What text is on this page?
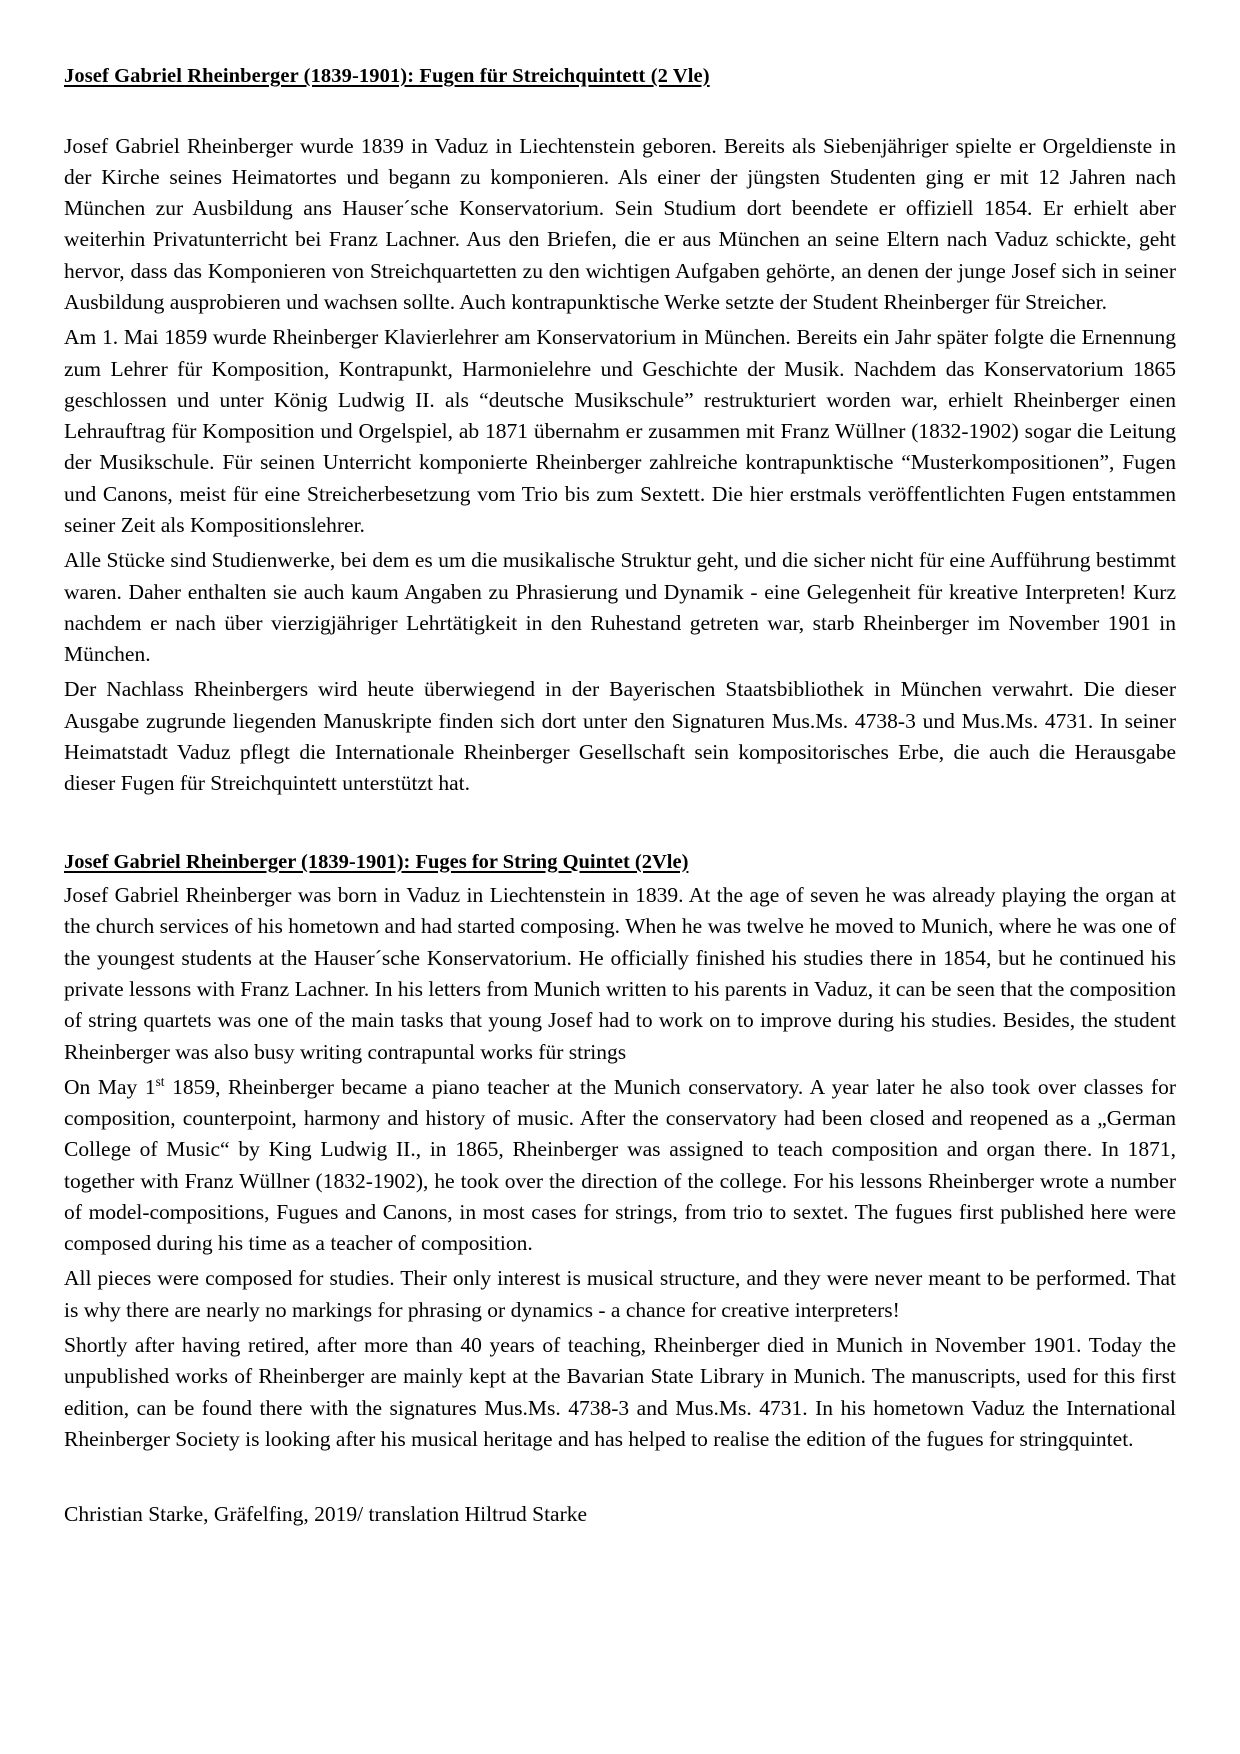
Josef Gabriel Rheinberger (1839-1901): Fugen für Streichquintett (2 Vle)

Josef Gabriel Rheinberger wurde 1839 in Vaduz in Liechtenstein geboren. Bereits als Siebenjähriger spielte er Orgeldienste in der Kirche seines Heimatortes und begann zu komponieren. Als einer der jüngsten Studenten ging er mit 12 Jahren nach München zur Ausbildung ans Hauser´sche Konservatorium. Sein Studium dort beendete er offiziell 1854. Er erhielt aber weiterhin Privatunterricht bei Franz Lachner. Aus den Briefen, die er aus München an seine Eltern nach Vaduz schickte, geht hervor, dass das Komponieren von Streichquartetten zu den wichtigen Aufgaben gehörte, an denen der junge Josef sich in seiner Ausbildung ausprobieren und wachsen sollte. Auch kontrapunktische Werke setzte der Student Rheinberger für Streicher.

Am 1. Mai 1859 wurde Rheinberger Klavierlehrer am Konservatorium in München. Bereits ein Jahr später folgte die Ernennung zum Lehrer für Komposition, Kontrapunkt, Harmonielehre und Geschichte der Musik. Nachdem das Konservatorium 1865 geschlossen und unter König Ludwig II. als “deutsche Musikschule” restrukturiert worden war, erhielt Rheinberger einen Lehrauftrag für Komposition und Orgelspiel, ab 1871 übernahm er zusammen mit Franz Wüllner (1832-1902) sogar die Leitung der Musikschule. Für seinen Unterricht komponierte Rheinberger zahlreiche kontrapunktische “Musterkompositionen”, Fugen und Canons, meist für eine Streicherbesetzung vom Trio bis zum Sextett. Die hier erstmals veröffentlichten Fugen entstammen seiner Zeit als Kompositionslehrer.

Alle Stücke sind Studienwerke, bei dem es um die musikalische Struktur geht, und die sicher nicht für eine Aufführung bestimmt waren. Daher enthalten sie auch kaum Angaben zu Phrasierung und Dynamik - eine Gelegenheit für kreative Interpreten! Kurz nachdem er nach über vierzigjähriger Lehrtätigkeit in den Ruhestand getreten war, starb Rheinberger im November 1901 in München.

Der Nachlass Rheinbergers wird heute überwiegend in der Bayerischen Staatsbibliothek in München verwahrt. Die dieser Ausgabe zugrunde liegenden Manuskripte finden sich dort unter den Signaturen Mus.Ms. 4738-3 und Mus.Ms. 4731. In seiner Heimatstadt Vaduz pflegt die Internationale Rheinberger Gesellschaft sein kompositorisches Erbe, die auch die Herausgabe dieser Fugen für Streichquintett unterstützt hat.

Josef Gabriel Rheinberger (1839-1901): Fuges for String Quintet (2Vle)

Josef Gabriel Rheinberger was born in Vaduz in Liechtenstein in 1839. At the age of seven he was already playing the organ at the church services of his hometown and had started composing. When he was twelve he moved to Munich, where he was one of the youngest students at the Hauser´sche Konservatorium. He officially finished his studies there in 1854, but he continued his private lessons with Franz Lachner. In his letters from Munich written to his parents in Vaduz, it can be seen that the composition of string quartets was one of the main tasks that young Josef had to work on to improve during his studies. Besides, the student Rheinberger was also busy writing contrapuntal works für strings

On May 1st 1859, Rheinberger became a piano teacher at the Munich conservatory. A year later he also took over classes for composition, counterpoint, harmony and history of music. After the conservatory had been closed and reopened as a „German College of Music“ by King Ludwig II., in 1865, Rheinberger was assigned to teach composition and organ there. In 1871, together with Franz Wüllner (1832-1902), he took over the direction of the college. For his lessons Rheinberger wrote a number of model-compositions, Fugues and Canons, in most cases for strings, from trio to sextet. The fugues first published here were composed during his time as a teacher of composition.

All pieces were composed for studies. Their only interest is musical structure, and they were never meant to be performed. That is why there are nearly no markings for phrasing or dynamics - a chance for creative interpreters!

Shortly after having retired, after more than 40 years of teaching, Rheinberger died in Munich in November 1901. Today the unpublished works of Rheinberger are mainly kept at the Bavarian State Library in Munich. The manuscripts, used for this first edition, can be found there with the signatures Mus.Ms. 4738-3 and Mus.Ms. 4731. In his hometown Vaduz the International Rheinberger Society is looking after his musical heritage and has helped to realise the edition of the fugues for stringquintet.

Christian Starke, Gräfelfing, 2019/ translation Hiltrud Starke
